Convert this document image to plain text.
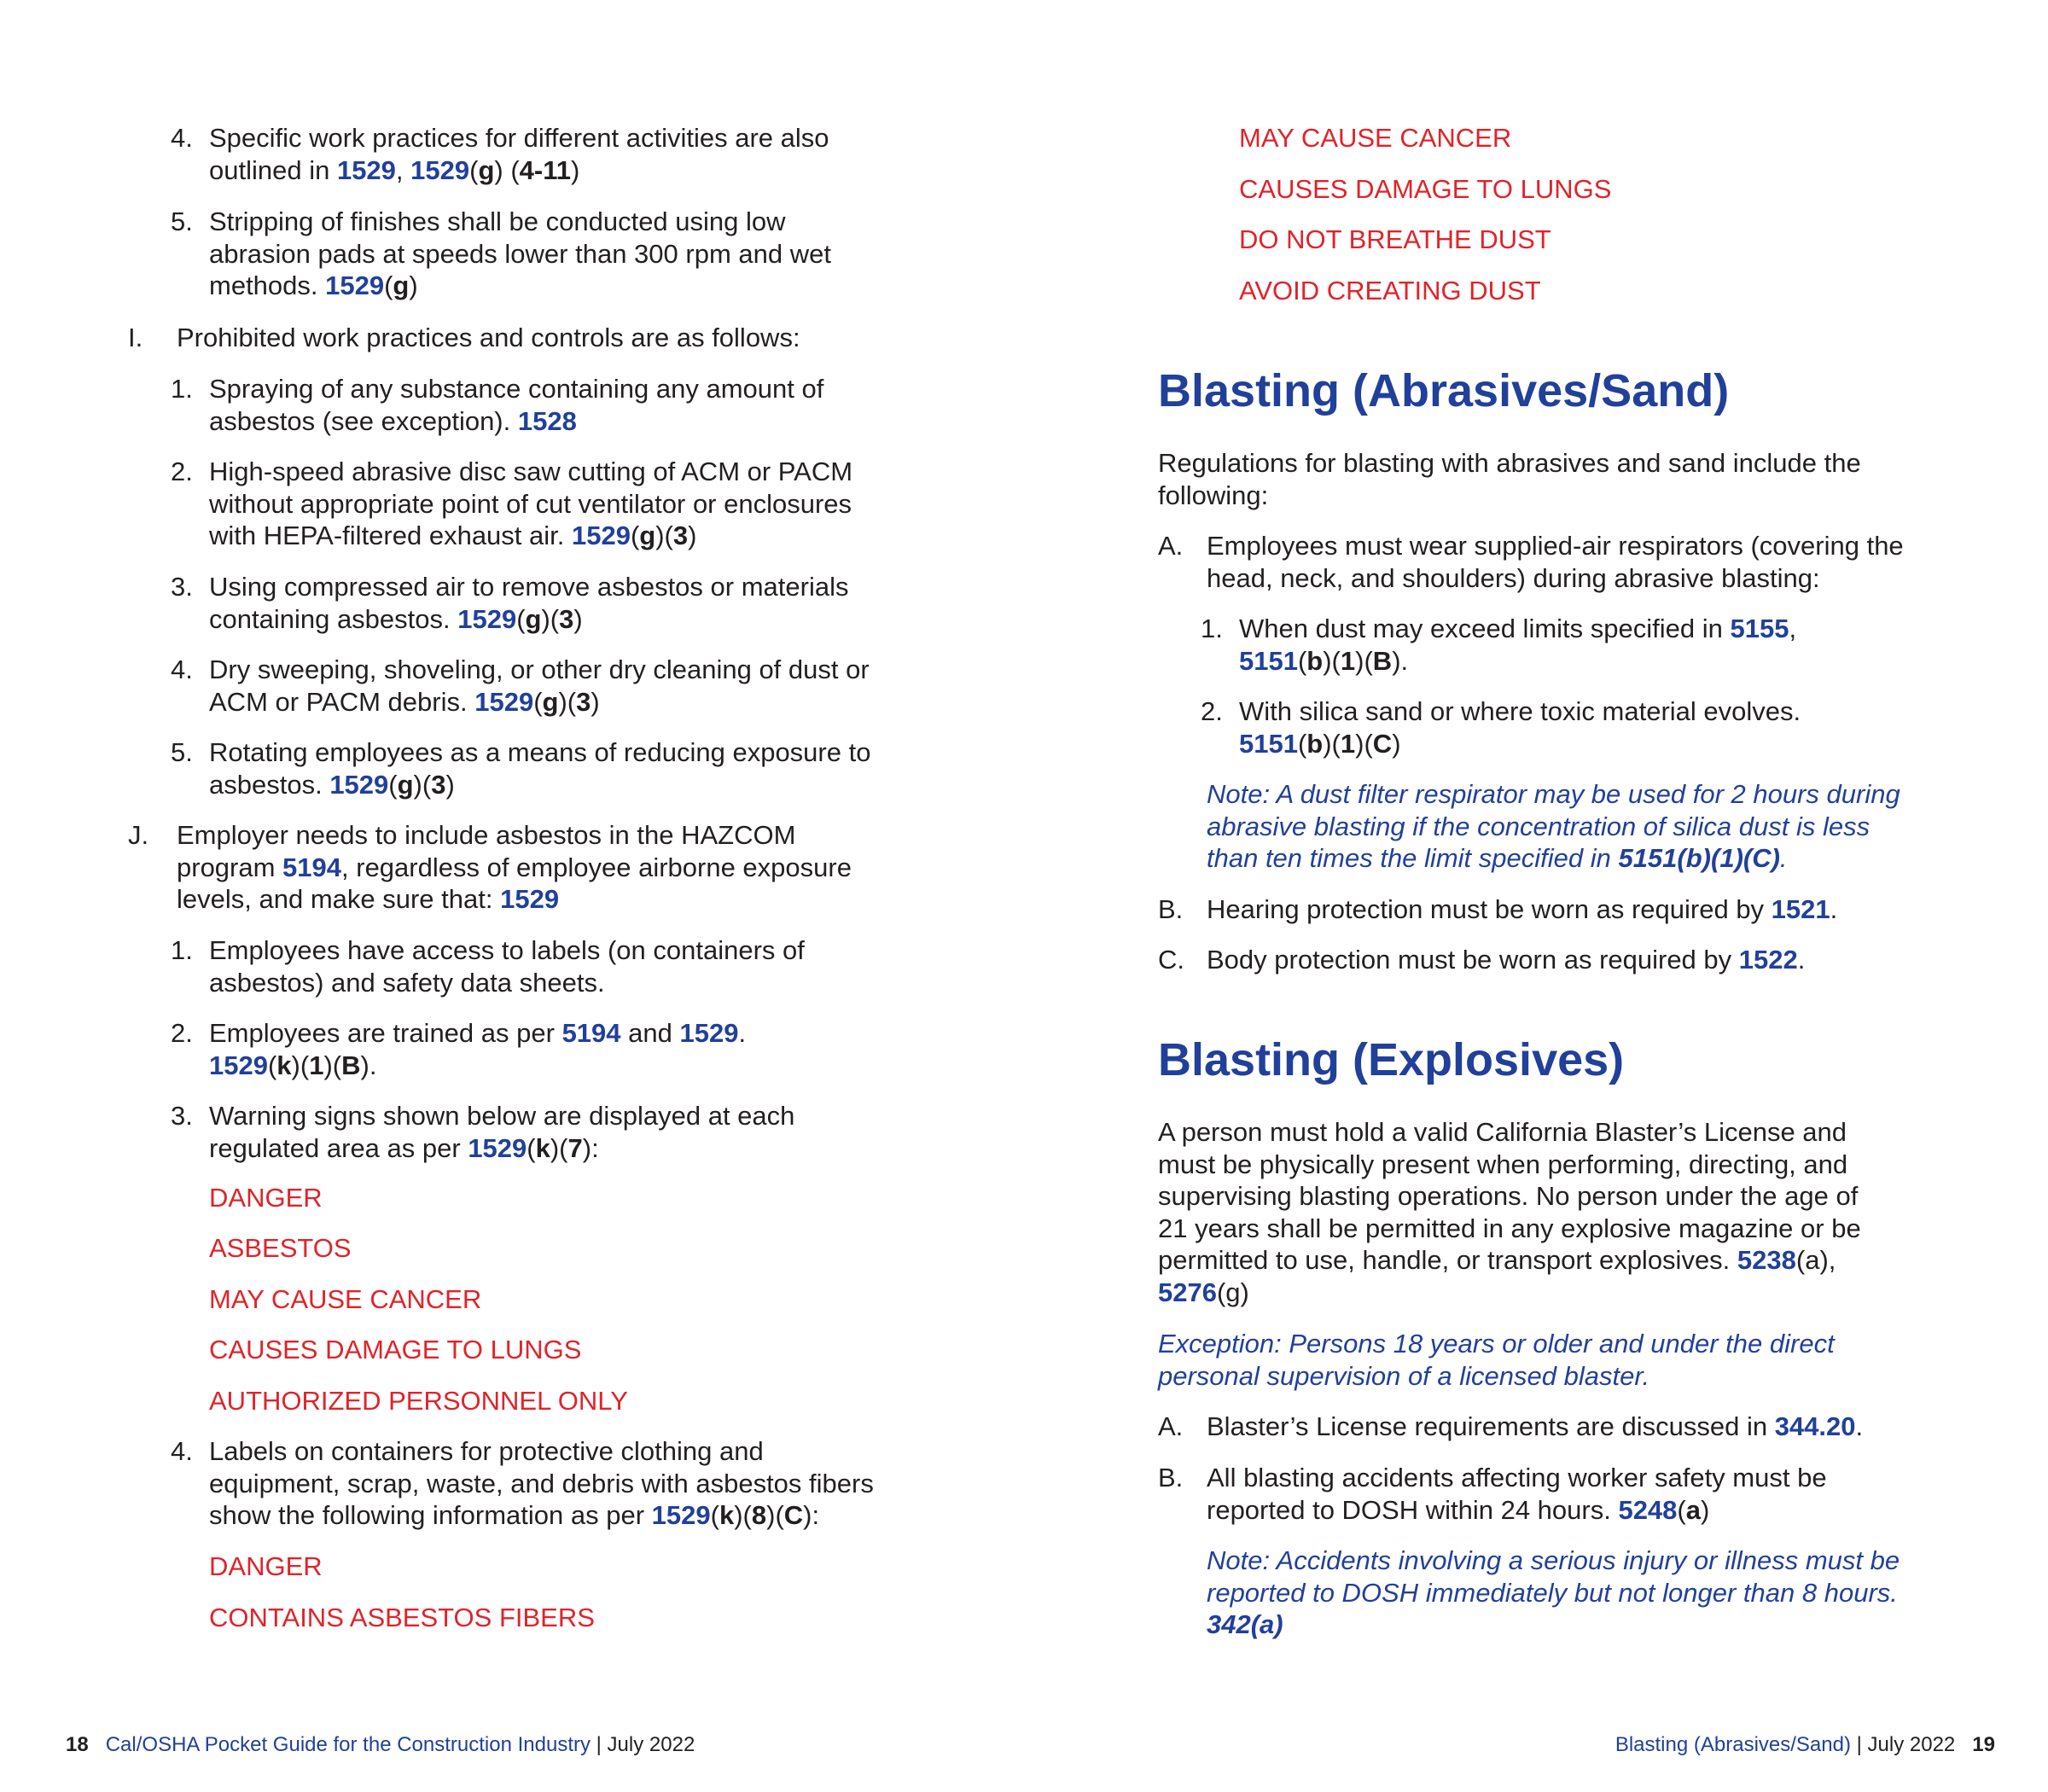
4. Specific work practices for different activities are also
outlined in 1529, 1529(g) (4-11)
5. Stripping of finishes shall be conducted using low
abrasion pads at speeds lower than 300 rpm and wet
methods. 1529(g)
I. Prohibited work practices and controls are as follows:
1. Spraying of any substance containing any amount of
asbestos (see exception). 1528
2. High-speed abrasive disc saw cutting of ACM or PACM
without appropriate point of cut ventilator or enclosures
with HEPA-filtered exhaust air. 1529(g)(3)
3. Using compressed air to remove asbestos or materials
containing asbestos. 1529(g)(3)
4. Dry sweeping, shoveling, or other dry cleaning of dust or
ACM or PACM debris. 1529(g)(3)
5. Rotating employees as a means of reducing exposure to
asbestos. 1529(g)(3)
J. Employer needs to include asbestos in the HAZCOM
program 5194, regardless of employee airborne exposure
levels, and make sure that: 1529
1. Employees have access to labels (on containers of
asbestos) and safety data sheets.
2. Employees are trained as per 5194 and 1529.
1529(k)(1)(B).
3. Warning signs shown below are displayed at each
regulated area as per 1529(k)(7):
DANGER
ASBESTOS
MAY CAUSE CANCER
CAUSES DAMAGE TO LUNGS
AUTHORIZED PERSONNEL ONLY
4. Labels on containers for protective clothing and
equipment, scrap, waste, and debris with asbestos fibers
show the following information as per 1529(k)(8)(C):
DANGER
CONTAINS ASBESTOS FIBERS
MAY CAUSE CANCER
CAUSES DAMAGE TO LUNGS
DO NOT BREATHE DUST
AVOID CREATING DUST
Blasting (Abrasives/Sand)
Regulations for blasting with abrasives and sand include the
following:
A. Employees must wear supplied-air respirators (covering the
head, neck, and shoulders) during abrasive blasting:
1. When dust may exceed limits specified in 5155,
5151(b)(1)(B).
2. With silica sand or where toxic material evolves.
5151(b)(1)(C)
Note: A dust filter respirator may be used for 2 hours during
abrasive blasting if the concentration of silica dust is less
than ten times the limit specified in 5151(b)(1)(C).
B. Hearing protection must be worn as required by 1521.
C. Body protection must be worn as required by 1522.
Blasting (Explosives)
A person must hold a valid California Blaster’s License and
must be physically present when performing, directing, and
supervising blasting operations. No person under the age of
21 years shall be permitted in any explosive magazine or be
permitted to use, handle, or transport explosives. 5238(a),
5276(g)
Exception: Persons 18 years or older and under the direct
personal supervision of a licensed blaster.
A. Blaster’s License requirements are discussed in 344.20.
B. All blasting accidents affecting worker safety must be
reported to DOSH within 24 hours. 5248(a)
Note: Accidents involving a serious injury or illness must be
reported to DOSH immediately but not longer than 8 hours.
342(a)
18 Cal/OSHA Pocket Guide for the Construction Industry | July 2022	Blasting (Abrasives/Sand) | July 2022 19
